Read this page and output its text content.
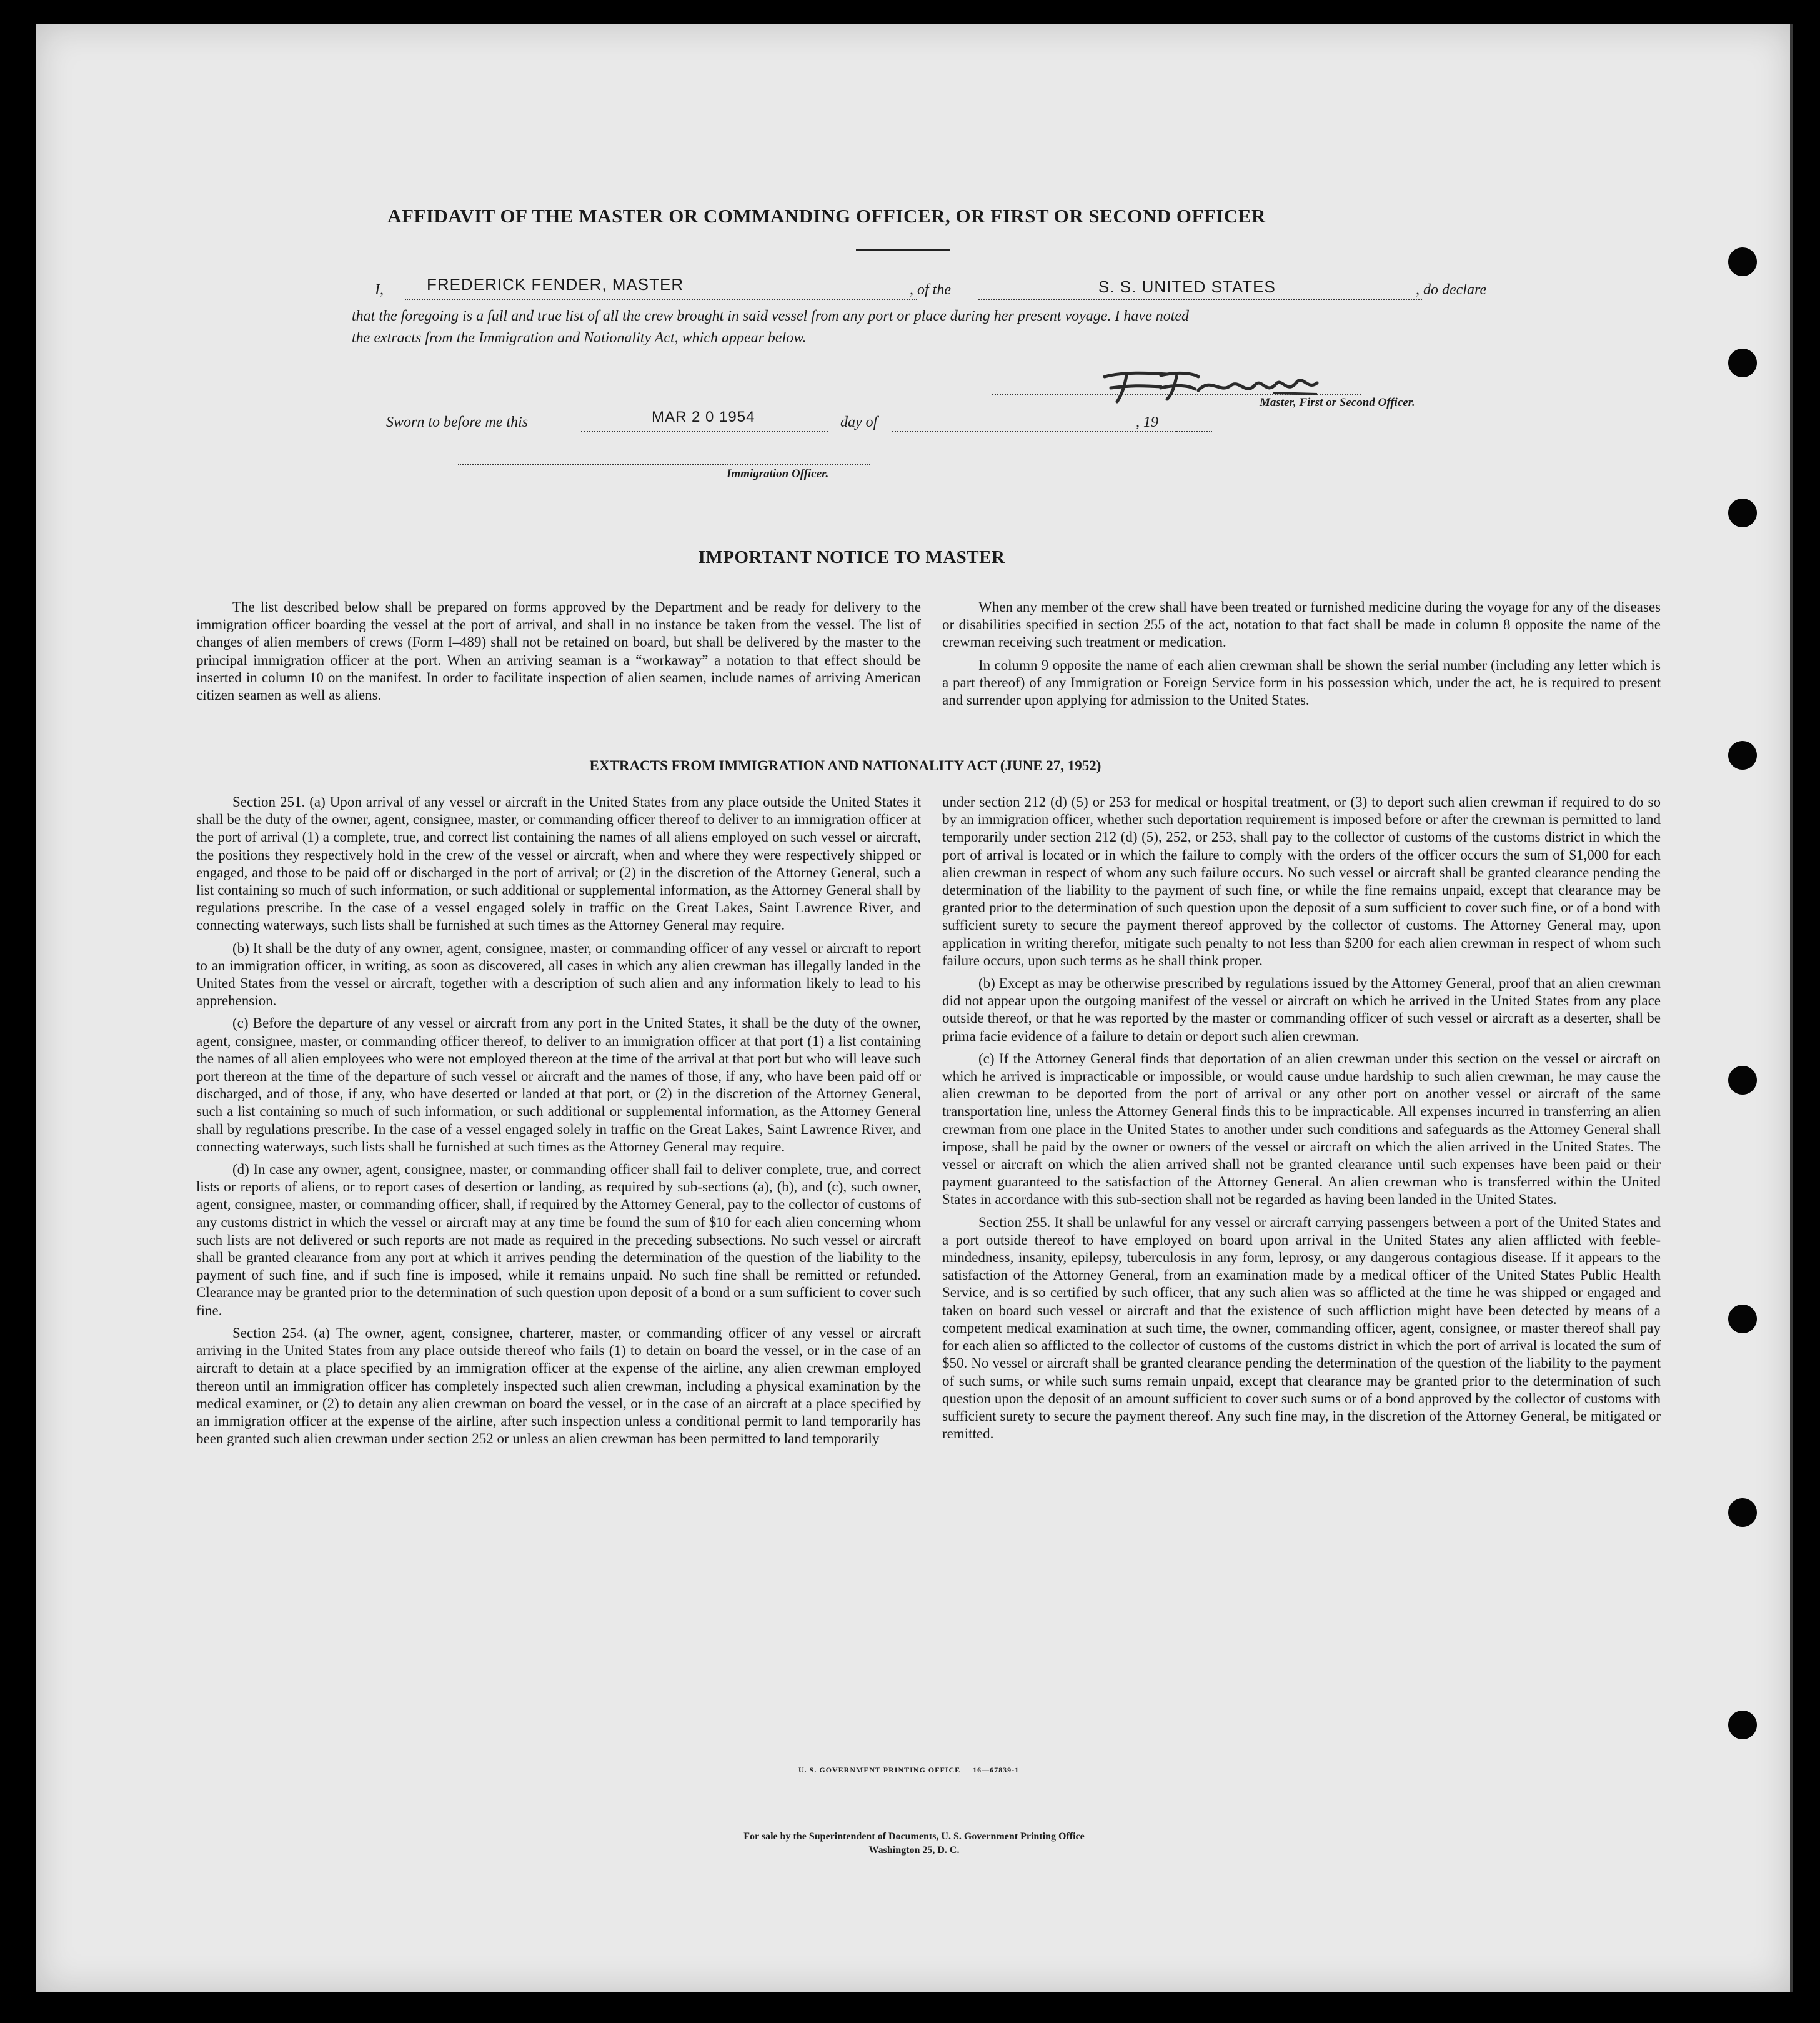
AFFIDAVIT OF THE MASTER OR COMMANDING OFFICER, OR FIRST OR SECOND OFFICER
I,	FREDERICK FENDER, MASTER	, of the	S. S. UNITED STATES	, do declare
that the foregoing is a full and true list of all the crew brought in said vessel from any port or place during her present voyage. I have noted
the extracts from the Immigration and Nationality Act, which appear below.
Master, First or Second Officer.
Sworn to before me this	MAR 2 0 1954	day of	, 19
Immigration Officer.
IMPORTANT NOTICE TO MASTER

The list described below shall be prepared on forms approved by the Department and be ready for delivery to the immigration officer boarding the vessel at the port of arrival, and shall in no instance be taken from the vessel. The list of changes of alien members of crews (Form I–489) shall not be retained on board, but shall be delivered by the master to the principal immigration officer at the port. When an arriving seaman is a “workaway” a notation to that effect should be inserted in column 10 on the manifest. In order to facilitate inspection of alien seamen, include names of arriving American citizen seamen as well as aliens.

When any member of the crew shall have been treated or furnished medicine during the voyage for any of the diseases or disabilities specified in section 255 of the act, notation to that fact shall be made in column 8 opposite the name of the crewman receiving such treatment or medication.

In column 9 opposite the name of each alien crewman shall be shown the serial number (including any letter which is a part thereof) of any Immigration or Foreign Service form in his possession which, under the act, he is required to present and surrender upon applying for admission to the United States.

EXTRACTS FROM IMMIGRATION AND NATIONALITY ACT (JUNE 27, 1952)

Section 251. (a) Upon arrival of any vessel or aircraft in the United States from any place outside the United States it shall be the duty of the owner, agent, consignee, master, or commanding officer thereof to deliver to an immigration officer at the port of arrival (1) a complete, true, and correct list containing the names of all aliens employed on such vessel or aircraft, the positions they respectively hold in the crew of the vessel or aircraft, when and where they were respectively shipped or engaged, and those to be paid off or discharged in the port of arrival; or (2) in the discretion of the Attorney General, such a list containing so much of such information, or such additional or supplemental information, as the Attorney General shall by regulations prescribe. In the case of a vessel engaged solely in traffic on the Great Lakes, Saint Lawrence River, and connecting waterways, such lists shall be furnished at such times as the Attorney General may require.

(b) It shall be the duty of any owner, agent, consignee, master, or commanding officer of any vessel or aircraft to report to an immigration officer, in writing, as soon as discovered, all cases in which any alien crewman has illegally landed in the United States from the vessel or aircraft, together with a description of such alien and any information likely to lead to his apprehension.

(c) Before the departure of any vessel or aircraft from any port in the United States, it shall be the duty of the owner, agent, consignee, master, or commanding officer thereof, to deliver to an immigration officer at that port (1) a list containing the names of all alien employees who were not employed thereon at the time of the arrival at that port but who will leave such port thereon at the time of the departure of such vessel or aircraft and the names of those, if any, who have been paid off or discharged, and of those, if any, who have deserted or landed at that port, or (2) in the discretion of the Attorney General, such a list containing so much of such information, or such additional or supplemental information, as the Attorney General shall by regulations prescribe. In the case of a vessel engaged solely in traffic on the Great Lakes, Saint Lawrence River, and connecting waterways, such lists shall be furnished at such times as the Attorney General may require.

(d) In case any owner, agent, consignee, master, or commanding officer shall fail to deliver complete, true, and correct lists or reports of aliens, or to report cases of desertion or landing, as required by sub-sections (a), (b), and (c), such owner, agent, consignee, master, or commanding officer, shall, if required by the Attorney General, pay to the collector of customs of any customs district in which the vessel or aircraft may at any time be found the sum of $10 for each alien concerning whom such lists are not delivered or such reports are not made as required in the preceding subsections. No such vessel or aircraft shall be granted clearance from any port at which it arrives pending the determination of the question of the liability to the payment of such fine, and if such fine is imposed, while it remains unpaid. No such fine shall be remitted or refunded. Clearance may be granted prior to the determination of such question upon deposit of a bond or a sum sufficient to cover such fine.

Section 254. (a) The owner, agent, consignee, charterer, master, or commanding officer of any vessel or aircraft arriving in the United States from any place outside thereof who fails (1) to detain on board the vessel, or in the case of an aircraft to detain at a place specified by an immigration officer at the expense of the airline, any alien crewman employed thereon until an immigration officer has completely inspected such alien crewman, including a physical examination by the medical examiner, or (2) to detain any alien crewman on board the vessel, or in the case of an aircraft at a place specified by an immigration officer at the expense of the airline, after such inspection unless a conditional permit to land temporarily has been granted such alien crewman under section 252 or unless an alien crewman has been permitted to land temporarily

under section 212 (d) (5) or 253 for medical or hospital treatment, or (3) to deport such alien crewman if required to do so by an immigration officer, whether such deportation requirement is imposed before or after the crewman is permitted to land temporarily under section 212 (d) (5), 252, or 253, shall pay to the collector of customs of the customs district in which the port of arrival is located or in which the failure to comply with the orders of the officer occurs the sum of $1,000 for each alien crewman in respect of whom any such failure occurs. No such vessel or aircraft shall be granted clearance pending the determination of the liability to the payment of such fine, or while the fine remains unpaid, except that clearance may be granted prior to the determination of such question upon the deposit of a sum sufficient to cover such fine, or of a bond with sufficient surety to secure the payment thereof approved by the collector of customs. The Attorney General may, upon application in writing therefor, mitigate such penalty to not less than $200 for each alien crewman in respect of whom such failure occurs, upon such terms as he shall think proper.

(b) Except as may be otherwise prescribed by regulations issued by the Attorney General, proof that an alien crewman did not appear upon the outgoing manifest of the vessel or aircraft on which he arrived in the United States from any place outside thereof, or that he was reported by the master or commanding officer of such vessel or aircraft as a deserter, shall be prima facie evidence of a failure to detain or deport such alien crewman.

(c) If the Attorney General finds that deportation of an alien crewman under this section on the vessel or aircraft on which he arrived is impracticable or impossible, or would cause undue hardship to such alien crewman, he may cause the alien crewman to be deported from the port of arrival or any other port on another vessel or aircraft of the same transportation line, unless the Attorney General finds this to be impracticable. All expenses incurred in transferring an alien crewman from one place in the United States to another under such conditions and safeguards as the Attorney General shall impose, shall be paid by the owner or owners of the vessel or aircraft on which the alien arrived in the United States. The vessel or aircraft on which the alien arrived shall not be granted clearance until such expenses have been paid or their payment guaranteed to the satisfaction of the Attorney General. An alien crewman who is transferred within the United States in accordance with this sub-section shall not be regarded as having been landed in the United States.

Section 255. It shall be unlawful for any vessel or aircraft carrying passengers between a port of the United States and a port outside thereof to have employed on board upon arrival in the United States any alien afflicted with feeble-mindedness, insanity, epilepsy, tuberculosis in any form, leprosy, or any dangerous contagious disease. If it appears to the satisfaction of the Attorney General, from an examination made by a medical officer of the United States Public Health Service, and is so certified by such officer, that any such alien was so afflicted at the time he was shipped or engaged and taken on board such vessel or aircraft and that the existence of such affliction might have been detected by means of a competent medical examination at such time, the owner, commanding officer, agent, consignee, or master thereof shall pay for each alien so afflicted to the collector of customs of the customs district in which the port of arrival is located the sum of $50. No vessel or aircraft shall be granted clearance pending the determination of the question of the liability to the payment of such sums, or while such sums remain unpaid, except that clearance may be granted prior to the determination of such question upon the deposit of an amount sufficient to cover such sums or of a bond approved by the collector of customs with sufficient surety to secure the payment thereof. Any such fine may, in the discretion of the Attorney General, be mitigated or remitted.

U. S. GOVERNMENT PRINTING OFFICE     16—67839-1
For sale by the Superintendent of Documents, U. S. Government Printing Office
Washington 25, D. C.
